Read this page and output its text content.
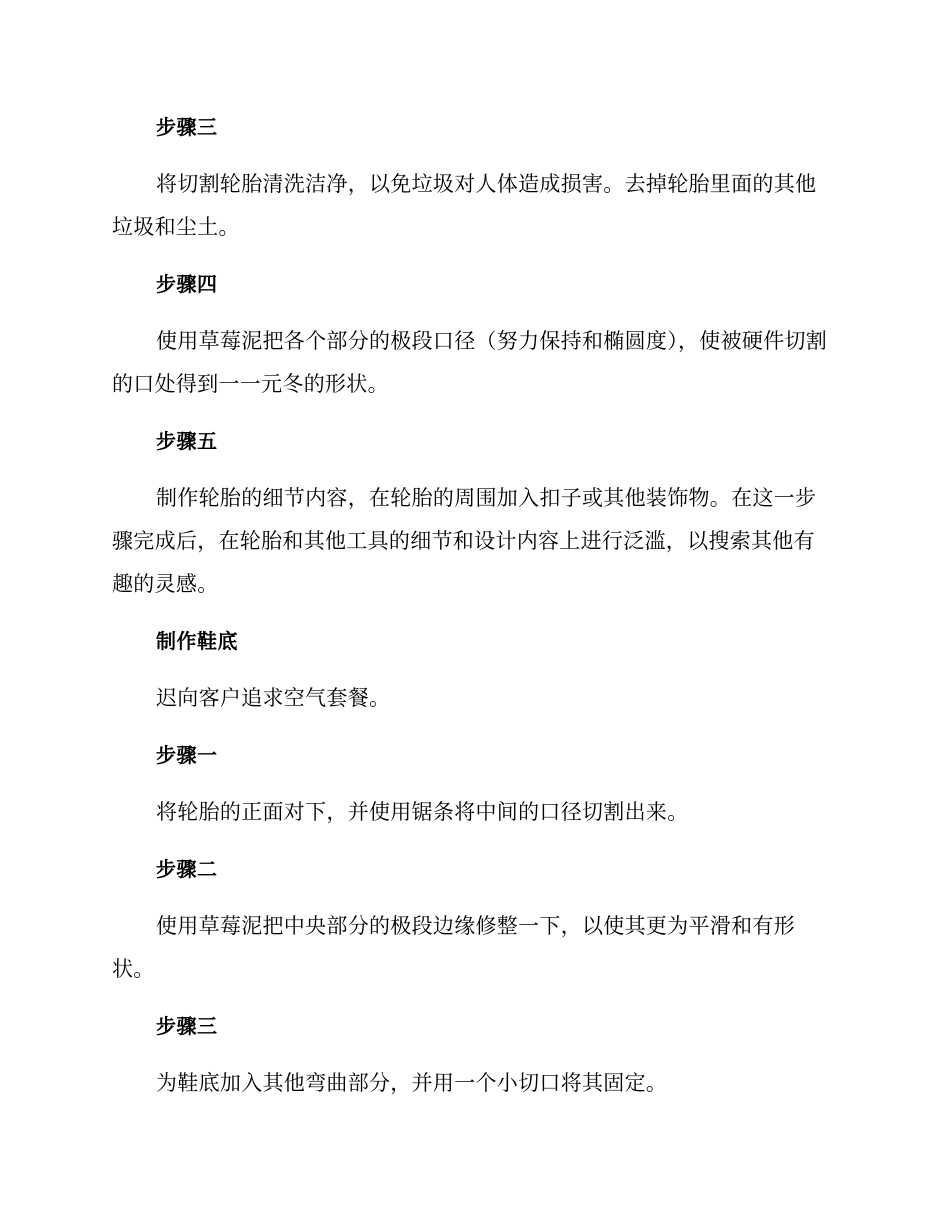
步骤三

将切割轮胎清洗洁净，以免垃圾对人体造成损害。去掉轮胎里面的其他垃圾和尘土。

步骤四

使用草莓泥把各个部分的极段口径（努力保持和椭圆度），使被硬件切割的口处得到一一元冬的形状。

步骤五

制作轮胎的细节内容，在轮胎的周围加入扣子或其他装饰物。在这一步骤完成后，在轮胎和其他工具的细节和设计内容上进行泛滥，以搜索其他有趣的灵感。

制作鞋底

迟向客户追求空气套餐。

步骤一

将轮胎的正面对下，并使用锯条将中间的口径切割出来。

步骤二

使用草莓泥把中央部分的极段边缘修整一下，以使其更为平滑和有形状。

步骤三

为鞋底加入其他弯曲部分，并用一个小切口将其固定。
